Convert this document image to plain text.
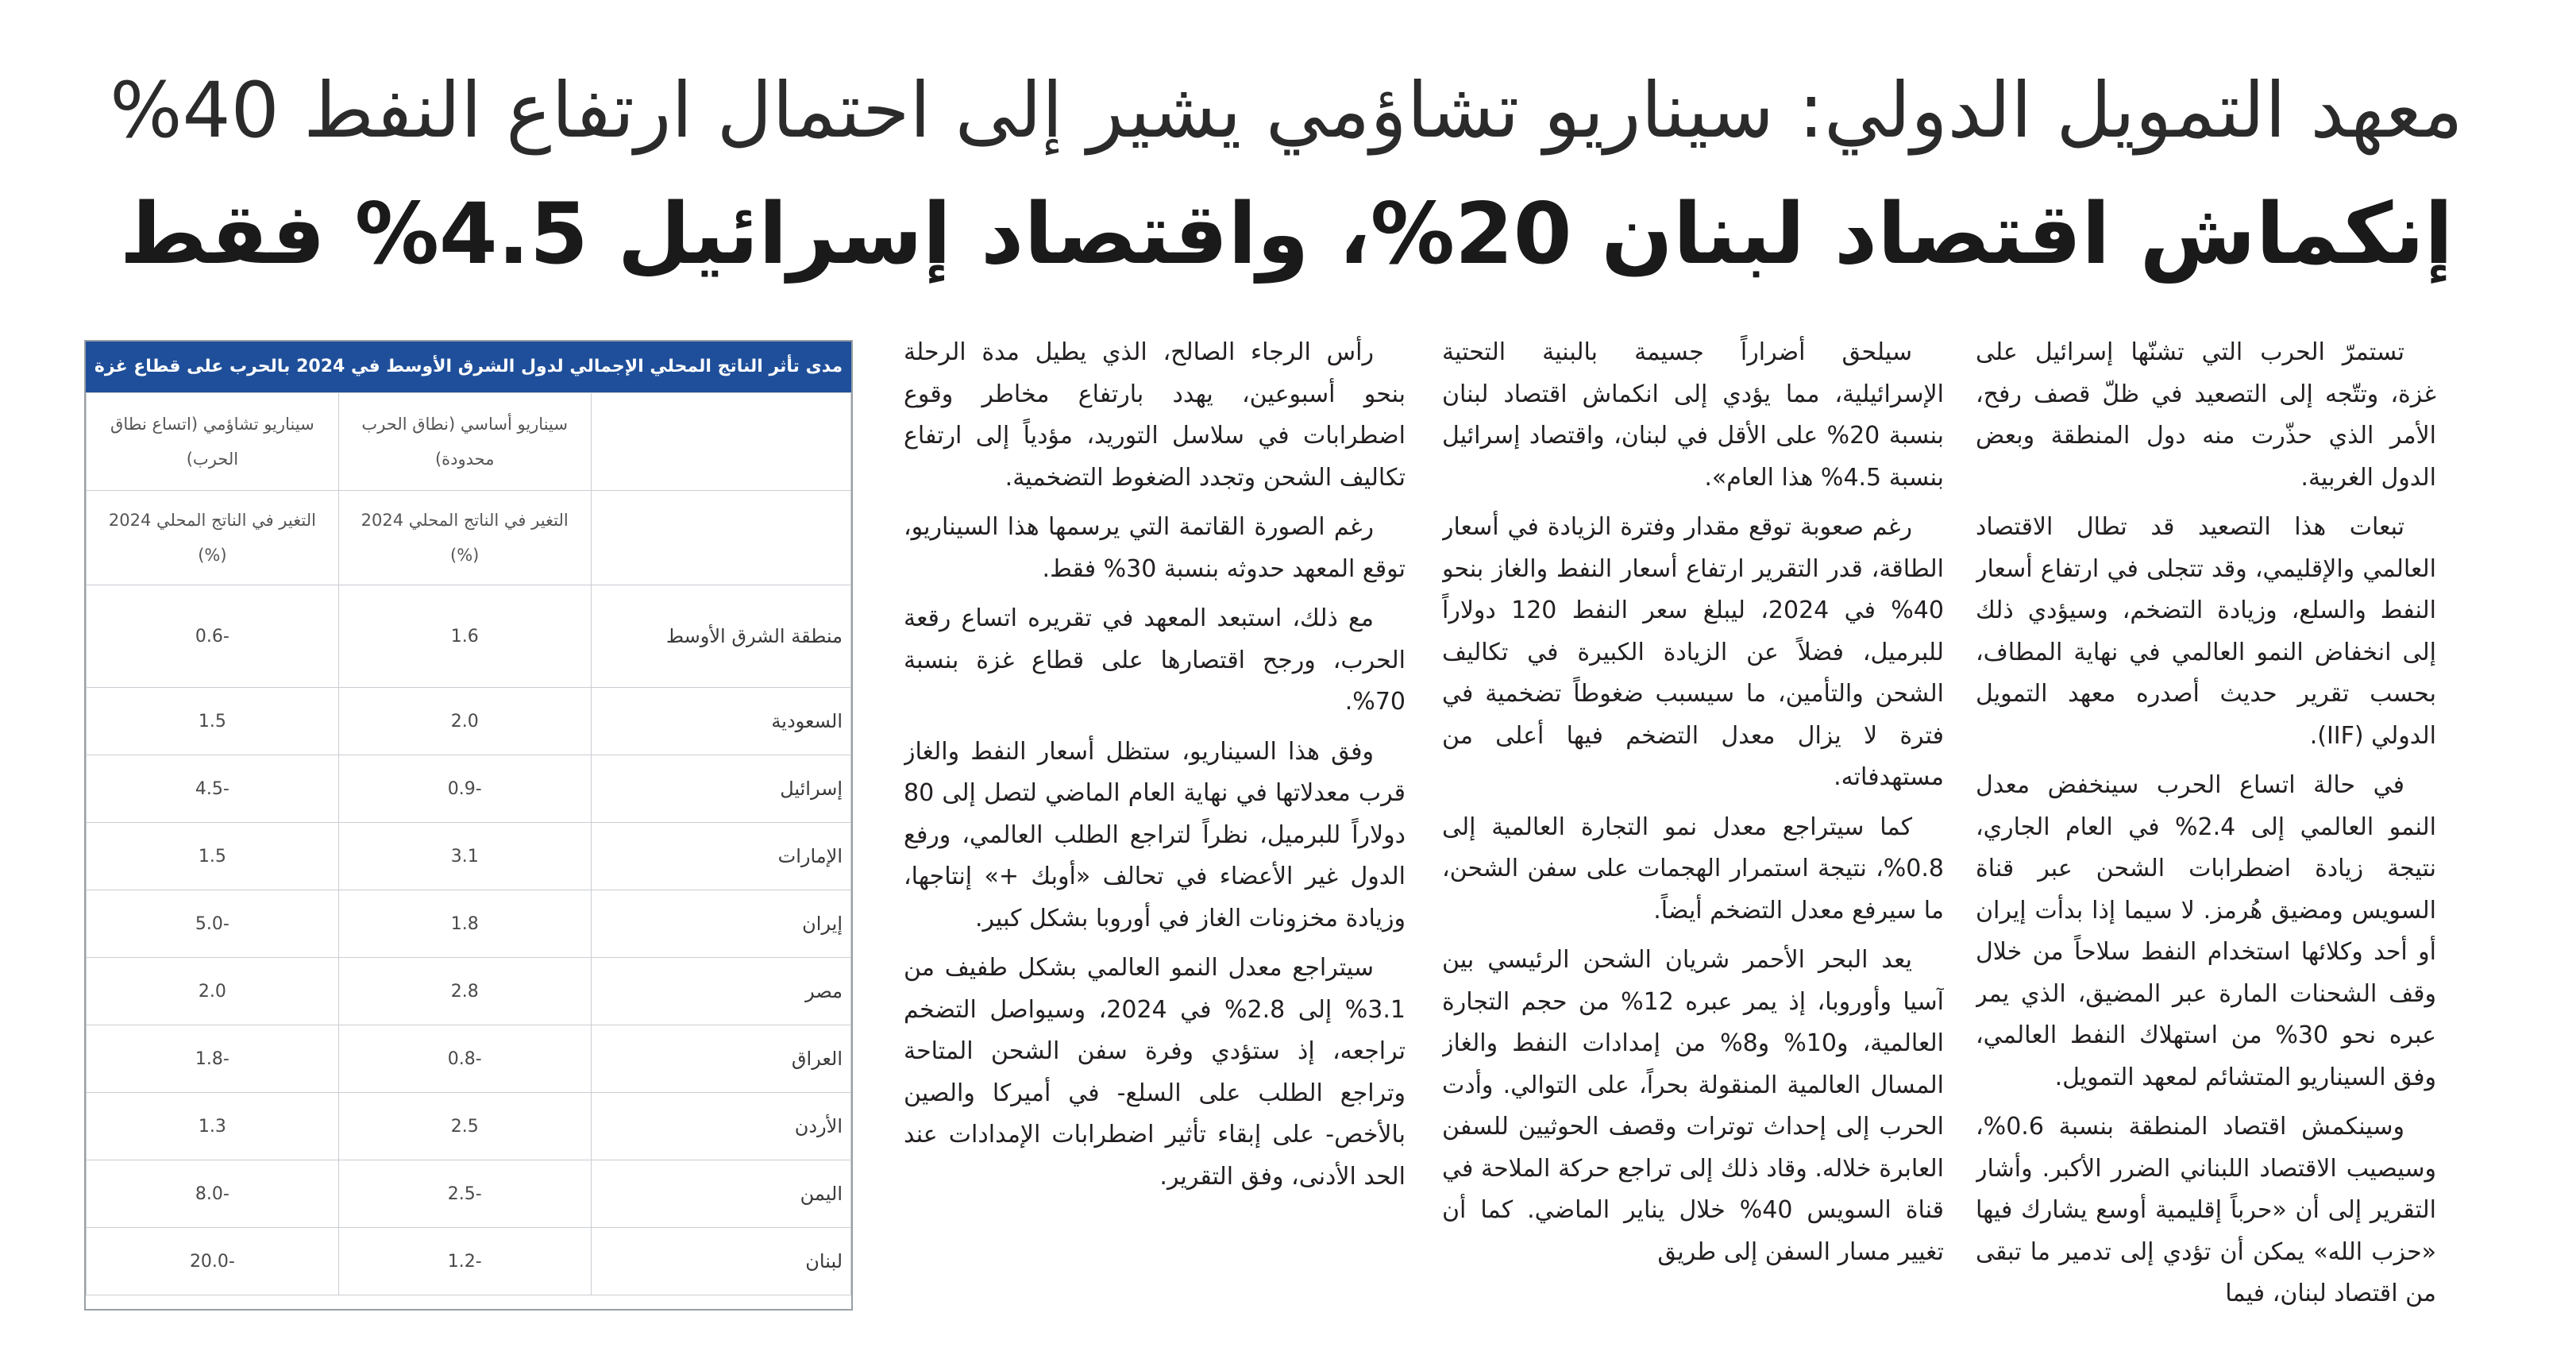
معهد التمويل الدولي: سيناريو تشاؤمي يشير إلى احتمال ارتفاع النفط 40%
إنكماش اقتصاد لبنان 20%، واقتصاد إسرائيل 4.5% فقط

تستمرّ الحرب التي تشنّها إسرائيل على غزة، وتتّجه إلى التصعيد في ظلّ قصف رفح، الأمر الذي حذّرت منه دول المنطقة وبعض الدول الغربية.

تبعات هذا التصعيد قد تطال الاقتصاد العالمي والإقليمي، وقد تتجلى في ارتفاع أسعار النفط والسلع، وزيادة التضخم، وسيؤدي ذلك إلى انخفاض النمو العالمي في نهاية المطاف، بحسب تقرير حديث أصدره معهد التمويل الدولي (IIF).

في حالة اتساع الحرب سينخفض معدل النمو العالمي إلى 2.4% في العام الجاري، نتيجة زيادة اضطرابات الشحن عبر قناة السويس ومضيق هُرمز. لا سيما إذا بدأت إيران أو أحد وكلائها استخدام النفط سلاحاً من خلال وقف الشحنات المارة عبر المضيق، الذي يمر عبره نحو 30% من استهلاك النفط العالمي، وفق السيناريو المتشائم لمعهد التمويل.

وسينكمش اقتصاد المنطقة بنسبة 0.6%، وسيصيب الاقتصاد اللبناني الضرر الأكبر. وأشار التقرير إلى أن «حرباً إقليمية أوسع يشارك فيها «حزب الله» يمكن أن تؤدي إلى تدمير ما تبقى من اقتصاد لبنان، فيما

سيلحق أضراراً جسيمة بالبنية التحتية الإسرائيلية، مما يؤدي إلى انكماش اقتصاد لبنان بنسبة 20% على الأقل في لبنان، واقتصاد إسرائيل بنسبة 4.5% هذا العام».

رغم صعوبة توقع مقدار وفترة الزيادة في أسعار الطاقة، قدر التقرير ارتفاع أسعار النفط والغاز بنحو 40% في 2024، ليبلغ سعر النفط 120 دولاراً للبرميل، فضلاً عن الزيادة الكبيرة في تكاليف الشحن والتأمين، ما سيسبب ضغوطاً تضخمية في فترة لا يزال معدل التضخم فيها أعلى من مستهدفاته.

كما سيتراجع معدل نمو التجارة العالمية إلى 0.8%، نتيجة استمرار الهجمات على سفن الشحن، ما سيرفع معدل التضخم أيضاً.

يعد البحر الأحمر شريان الشحن الرئيسي بين آسيا وأوروبا، إذ يمر عبره 12% من حجم التجارة العالمية، و10% و8% من إمدادات النفط والغاز المسال العالمية المنقولة بحراً، على التوالي. وأدت الحرب إلى إحداث توترات وقصف الحوثيين للسفن العابرة خلاله. وقاد ذلك إلى تراجع حركة الملاحة في قناة السويس 40% خلال يناير الماضي. كما أن تغيير مسار السفن إلى طريق

رأس الرجاء الصالح، الذي يطيل مدة الرحلة بنحو أسبوعين، يهدد بارتفاع مخاطر وقوع اضطرابات في سلاسل التوريد، مؤدياً إلى ارتفاع تكاليف الشحن وتجدد الضغوط التضخمية.

رغم الصورة القاتمة التي يرسمها هذا السيناريو، توقع المعهد حدوثه بنسبة 30% فقط.

مع ذلك، استبعد المعهد في تقريره اتساع رقعة الحرب، ورجح اقتصارها على قطاع غزة بنسبة 70%.

وفق هذا السيناريو، ستظل أسعار النفط والغاز قرب معدلاتها في نهاية العام الماضي لتصل إلى 80 دولاراً للبرميل، نظراً لتراجع الطلب العالمي، ورفع الدول غير الأعضاء في تحالف «أوبك +» إنتاجها، وزيادة مخزونات الغاز في أوروبا بشكل كبير.

سيتراجع معدل النمو العالمي بشكل طفيف من 3.1% إلى 2.8% في 2024، وسيواصل التضخم تراجعه، إذ ستؤدي وفرة سفن الشحن المتاحة وتراجع الطلب على السلع- في أميركا والصين بالأخص- على إبقاء تأثير اضطرابات الإمدادات عند الحد الأدنى، وفق التقرير.

مدى تأثر الناتج المحلي الإجمالي لدول الشرق الأوسط في 2024 بالحرب على قطاع غزة
	سيناريو أساسي (نطاق الحرب محدودة)	سيناريو تشاؤمي (اتساع نطاق الحرب)
	التغير في الناتج المحلي 2024 (%)	التغير في الناتج المحلي 2024 (%)
منطقة الشرق الأوسط	1.6	-0.6
السعودية	2.0	1.5
إسرائيل	-0.9	-4.5
الإمارات	3.1	1.5
إيران	1.8	-5.0
مصر	2.8	2.0
العراق	-0.8	-1.8
الأردن	2.5	1.3
اليمن	-2.5	-8.0
لبنان	-1.2	-20.0
